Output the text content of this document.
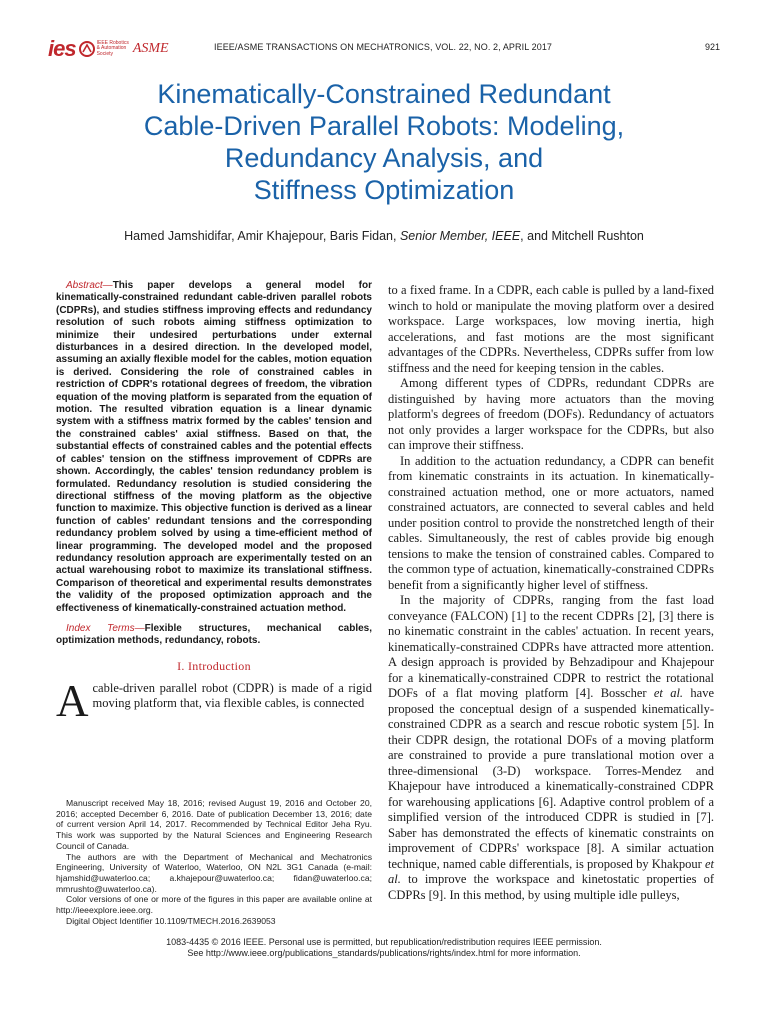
ies	IEEE Robotics
& Automation
Society	ASME	IEEE/ASME TRANSACTIONS ON MECHATRONICS, VOL. 22, NO. 2, APRIL 2017	921
Kinematically-Constrained Redundant
Cable-Driven Parallel Robots: Modeling,
Redundancy Analysis, and
Stiffness Optimization
Hamed Jamshidifar, Amir Khajepour, Baris Fidan, Senior Member, IEEE, and Mitchell Rushton

Abstract—This paper develops a general model for kinematically-constrained redundant cable-driven parallel robots (CDPRs), and studies stiffness improving effects and redundancy resolution of such robots aiming stiffness optimization to minimize their undesired perturbations under external disturbances in a desired direction. In the developed model, assuming an axially flexible model for the cables, motion equation is derived. Considering the role of constrained cables in restriction of CDPR's rotational degrees of freedom, the vibration equation of the moving platform is separated from the equation of motion. The resulted vibration equation is a linear dynamic system with a stiffness matrix formed by the cables' tension and the constrained cables' axial stiffness. Based on that, the substantial effects of constrained cables and the potential effects of cables' tension on the stiffness improvement of CDPRs are shown. Accordingly, the cables' tension redundancy problem is formulated. Redundancy resolution is studied considering the directional stiffness of the moving platform as the objective function to maximize. This objective function is derived as a linear function of cables' redundant tensions and the corresponding redundancy problem solved by using a time-efficient method of linear programming. The developed model and the proposed redundancy resolution approach are experimentally tested on an actual warehousing robot to maximize its translational stiffness. Comparison of theoretical and experimental results demonstrates the validity of the proposed optimization approach and the effectiveness of kinematically-constrained actuation method.

Index Terms—Flexible structures, mechanical cables, optimization methods, redundancy, robots.

I. Introduction

Acable-driven parallel robot (CDPR) is made of a rigid moving platform that, via flexible cables, is connected

Manuscript received May 18, 2016; revised August 19, 2016 and October 20, 2016; accepted December 6, 2016. Date of publication December 13, 2016; date of current version April 14, 2017. Recommended by Technical Editor Jeha Ryu. This work was supported by the Natural Sciences and Engineering Research Council of Canada.

The authors are with the Department of Mechanical and Mechatronics Engineering, University of Waterloo, Waterloo, ON N2L 3G1 Canada (e-mail: hjamshid@uwaterloo.ca; a.khajepour@uwaterloo.ca; fidan@uwaterloo.ca; mmrushto@uwaterloo.ca).

Color versions of one or more of the figures in this paper are available online at http://ieeexplore.ieee.org.

Digital Object Identifier 10.1109/TMECH.2016.2639053

to a fixed frame. In a CDPR, each cable is pulled by a land-fixed winch to hold or manipulate the moving platform over a desired workspace. Large workspaces, low moving inertia, high accelerations, and fast motions are the most significant advantages of the CDPRs. Nevertheless, CDPRs suffer from low stiffness and the need for keeping tension in the cables.

Among different types of CDPRs, redundant CDPRs are distinguished by having more actuators than the moving platform's degrees of freedom (DOFs). Redundancy of actuators not only provides a larger workspace for the CDPRs, but also can improve their stiffness.

In addition to the actuation redundancy, a CDPR can benefit from kinematic constraints in its actuation. In kinematically-constrained actuation method, one or more actuators, named constrained actuators, are connected to several cables and held under position control to provide the nonstretched length of their cables. Simultaneously, the rest of cables provide big enough tensions to make the tension of constrained cables. Compared to the common type of actuation, kinematically-constrained CDPRs benefit from a significantly higher level of stiffness.

In the majority of CDPRs, ranging from the fast load conveyance (FALCON) [1] to the recent CDPRs [2], [3] there is no kinematic constraint in the cables' actuation. In recent years, kinematically-constrained CDPRs have attracted more attention. A design approach is provided by Behzadipour and Khajepour for a kinematically-constrained CDPR to restrict the rotational DOFs of a flat moving platform [4]. Bosscher et al. have proposed the conceptual design of a suspended kinematically-constrained CDPR as a search and rescue robotic system [5]. In their CDPR design, the rotational DOFs of a moving platform are constrained to provide a pure translational motion over a three-dimensional (3-D) workspace. Torres-Mendez and Khajepour have introduced a kinematically-constrained CDPR for warehousing applications [6]. Adaptive control problem of a simplified version of the introduced CDPR is studied in [7]. Saber has demonstrated the effects of kinematic constraints on improvement of CDPRs' workspace [8]. A similar actuation technique, named cable differentials, is proposed by Khakpour et al. to improve the workspace and kinetostatic properties of CDPRs [9]. In this method, by using multiple idle pulleys,

1083-4435 © 2016 IEEE. Personal use is permitted, but republication/redistribution requires IEEE permission.
See http://www.ieee.org/publications_standards/publications/rights/index.html for more information.
